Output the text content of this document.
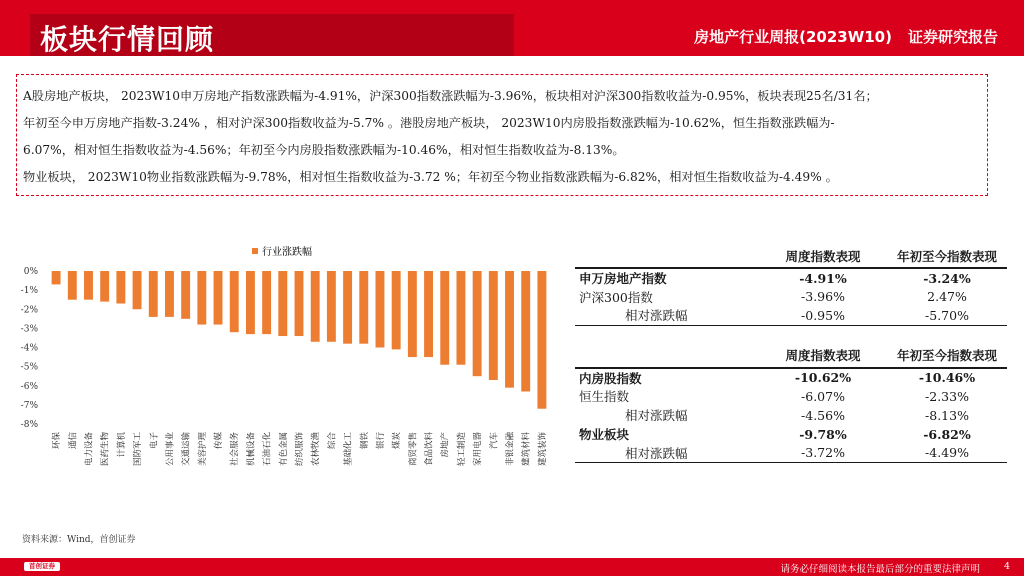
板块行情回顾	房地产行业周报(2023W10) 证券研究报告

A股房地产板块， 2023W10申万房地产指数涨跌幅为-4.91%，沪深300指数涨跌幅为-3.96%，板块相对沪深300指数收益为-0.95%，板块表现25名/31名；

年初至今申万房地产指数-3.24% ，相对沪深300指数收益为-5.7% 。港股房地产板块， 2023W10内房股指数涨跌幅为-10.62%，恒生指数涨跌幅为-

6.07%，相对恒生指数收益为-4.56%；年初至今内房股指数涨跌幅为-10.46%，相对恒生指数收益为-8.13%。

物业板块， 2023W10物业指数涨跌幅为-9.78%，相对恒生指数收益为-3.72 %；年初至今物业指数涨跌幅为-6.82%，相对恒生指数收益为-4.49% 。

行业涨跌幅
0%
-1%
-2%
-3%
-4%
-5%
-6%
-7%
-8%
环保 通信 电力设备 医药生物 计算机 国防军工 电子 公用事业 交通运输 美容护理 传媒 社会服务 机械设备 石油石化 有色金属 纺织服饰 农林牧渔 综合 基础化工 钢铁 银行 煤炭 商贸零售 食品饮料 房地产 轻工制造 家用电器 汽车 非银金融 建筑材料 建筑装饰
	周度指数表现	年初至今指数表现
申万房地产指数	-4.91%	-3.24%
沪深300指数	-3.96%	2.47%
相对涨跌幅	-0.95%	-5.70%
	周度指数表现	年初至今指数表现
内房股指数	-10.62%	-10.46%
恒生指数	-6.07%	-2.33%
相对涨跌幅	-4.56%	-8.13%
物业板块	-9.78%	-6.82%
相对涨跌幅	-3.72%	-4.49%
资料来源：Wind，首创证券
首创证券	请务必仔细阅读本报告最后部分的重要法律声明	4
